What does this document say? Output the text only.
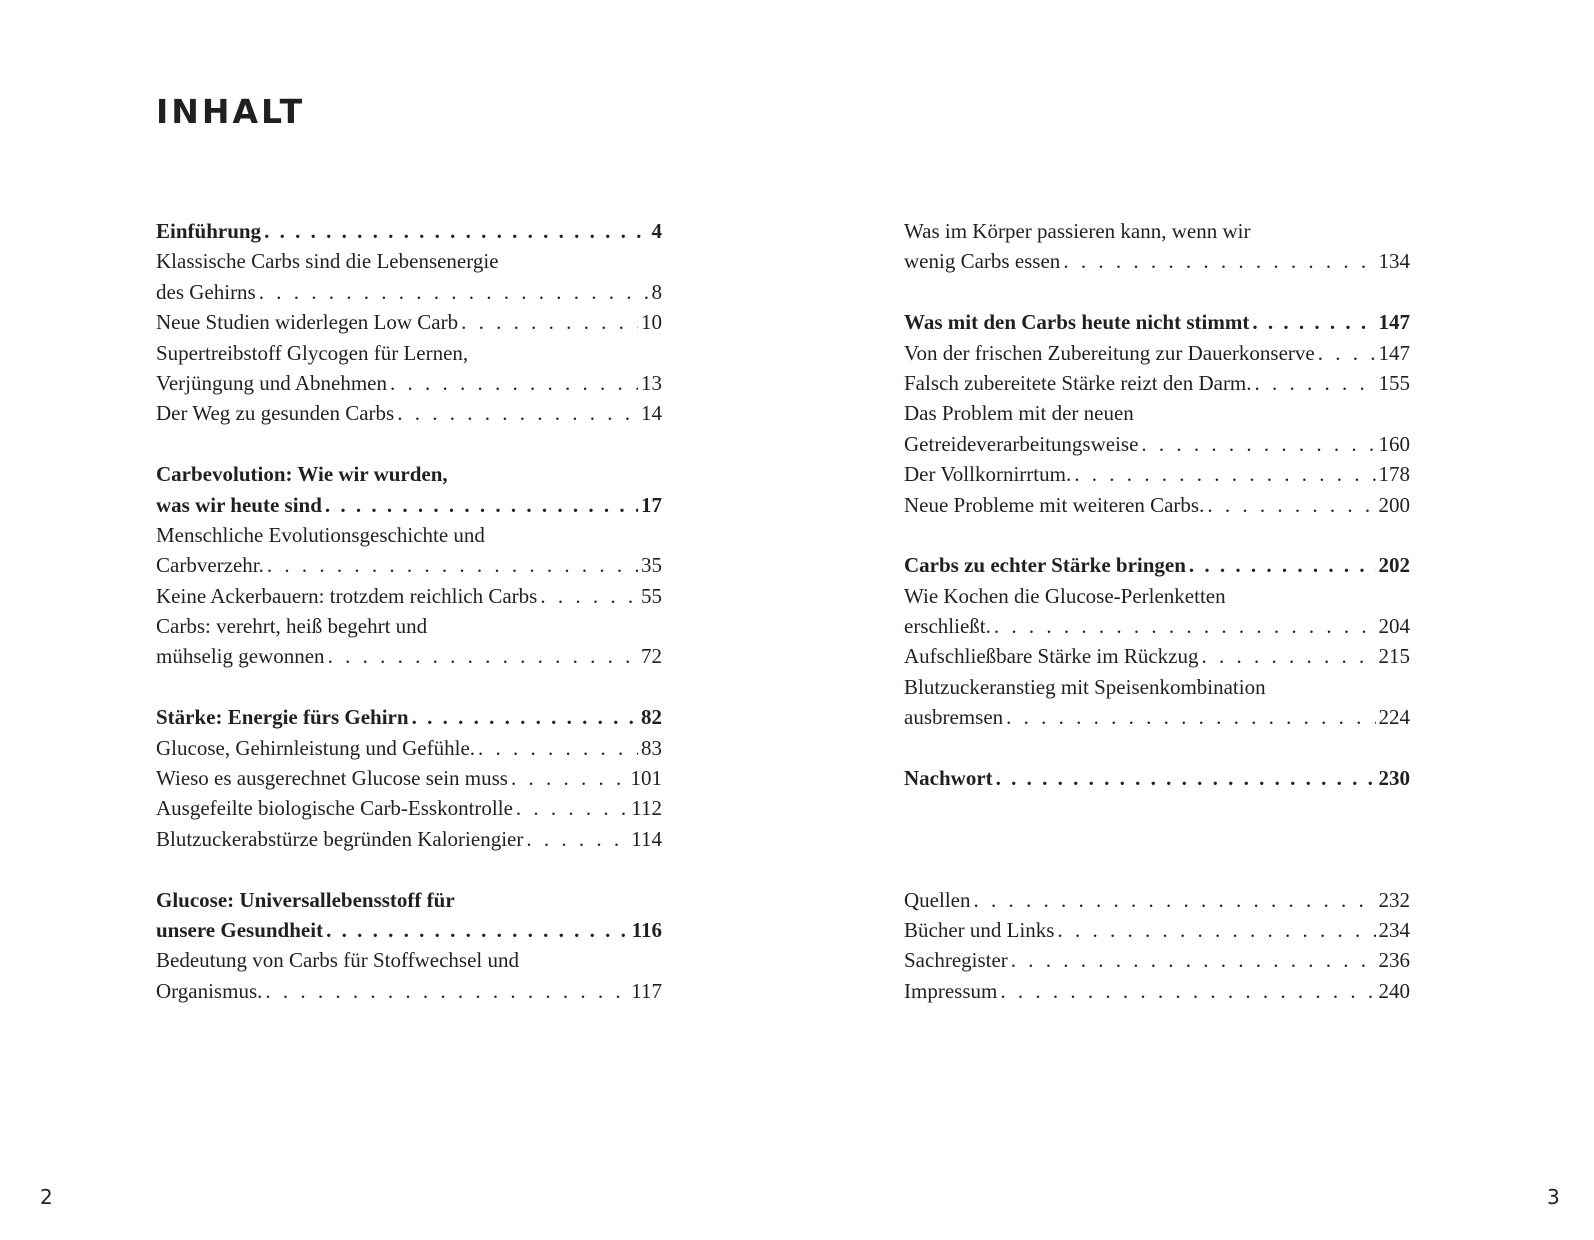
INHALT
Einführung . . .	4
Klassische Carbs sind die Lebensenergie
des Gehirns . . .	8
Neue Studien widerlegen Low Carb . . .	10
Supertreibstoff Glycogen für Lernen,
Verjüngung und Abnehmen . . .	13
Der Weg zu gesunden Carbs . . .	14
Carbevolution: Wie wir wurden,
was wir heute sind . . .	17
Menschliche Evolutionsgeschichte und
Carbverzehr. . . .	35
Keine Ackerbauern: trotzdem reichlich Carbs . . .	55
Carbs: verehrt, heiß begehrt und
mühselig gewonnen . . .	72
Stärke: Energie fürs Gehirn . . .	82
Glucose, Gehirnleistung und Gefühle. . . .	83
Wieso es ausgerechnet Glucose sein muss . . .	101
Ausgefeilte biologische Carb-Esskontrolle . . .	112
Blutzuckerabstürze begründen Kaloriengier . . .	114
Glucose: Universallebensstoff für
unsere Gesundheit . . .	116
Bedeutung von Carbs für Stoffwechsel und
Organismus. . . .	117
Was im Körper passieren kann, wenn wir
wenig Carbs essen . . .	134
Was mit den Carbs heute nicht stimmt . . .	147
Von der frischen Zubereitung zur Dauerkonserve . . .	147
Falsch zubereitete Stärke reizt den Darm. . . .	155
Das Problem mit der neuen
Getreideverarbeitungsweise . . .	160
Der Vollkornirrtum. . . .	178
Neue Probleme mit weiteren Carbs. . . .	200
Carbs zu echter Stärke bringen . . .	202
Wie Kochen die Glucose-Perlenketten
erschließt. . . .	204
Aufschließbare Stärke im Rückzug . . .	215
Blutzuckeranstieg mit Speisenkombination
ausbremsen . . .	224
Nachwort . . .	230
Quellen . . .	232
Bücher und Links . . .	234
Sachregister . . .	236
Impressum . . .	240
2	3
